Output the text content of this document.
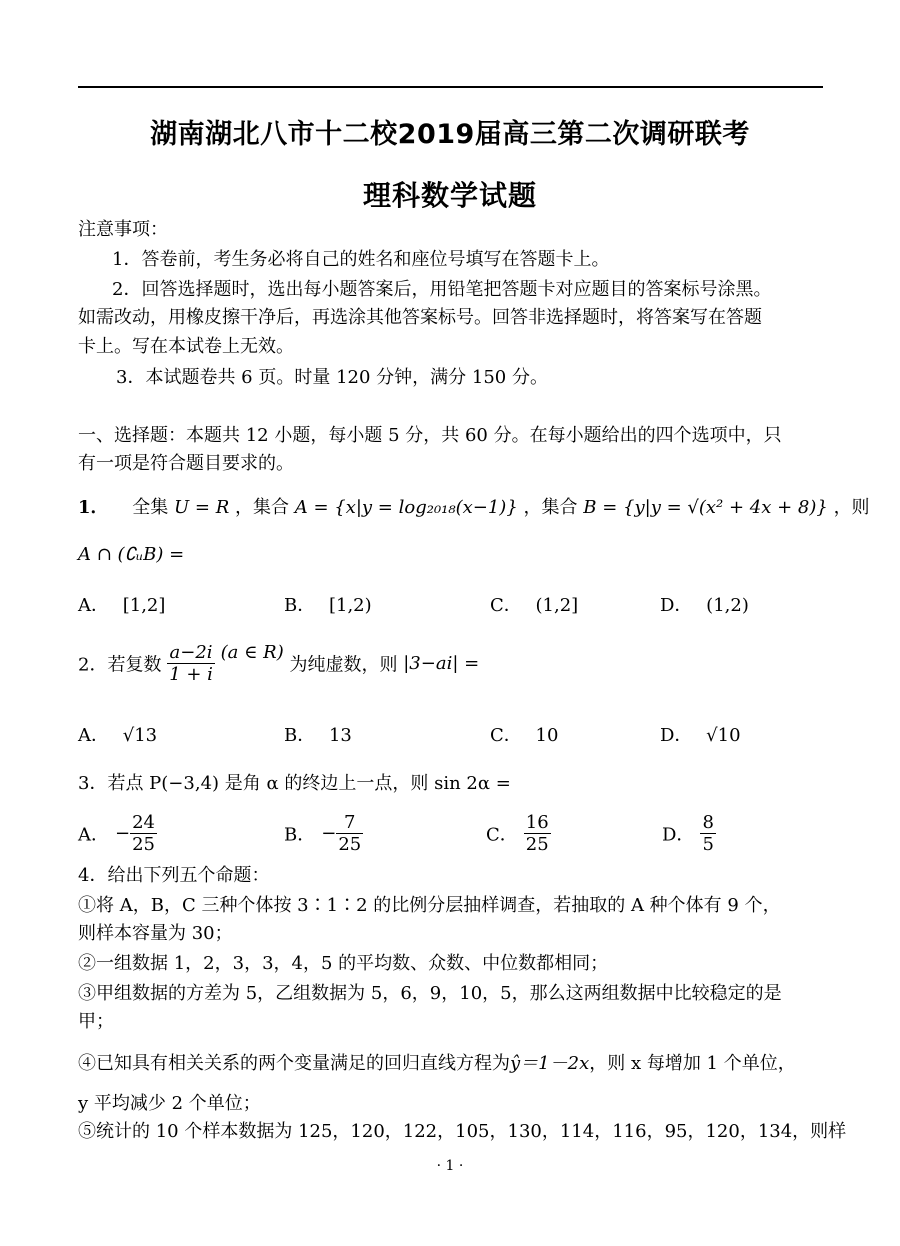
湖南湖北八市十二校2019届高三第二次调研联考
理科数学试题
注意事项：
1．答卷前，考生务必将自己的姓名和座位号填写在答题卡上。
2．回答选择题时，选出每小题答案后，用铅笔把答题卡对应题目的答案标号涂黑。
如需改动，用橡皮擦干净后，再选涂其他答案标号。回答非选择题时，将答案写在答题
卡上。写在本试卷上无效。
3．本试题卷共 6 页。时量 120 分钟，满分 150 分。
一、选择题：本题共 12 小题，每小题 5 分，共 60 分。在每小题给出的四个选项中，只
有一项是符合题目要求的。
1． 全集 U = R ，集合 A = {x|y = log₂₀₁₈(x−1)} ，集合 B = {y|y = √(x² + 4x + 8)} ，则
A ∩ (∁ᵤB) =
A． [1,2]	B． [1,2)	C． (1,2]	D． (1,2)
2．若复数 $\frac{a-2i}{1 + i} (a$ ∈ R) 为纯虚数，则 |3−ai| =
A． √13	B． 13	C． 10	D． √10
3．若点 P(−3,4) 是角 α 的终边上一点，则 sin 2α =
A． − $\frac{24}{25}$	B． − $\frac{7}{25}$	C． $\frac{16}{25}$	D． $\frac{8}{5}$
4．给出下列五个命题：
①将 A，B，C 三种个体按 3∶1∶2 的比例分层抽样调查，若抽取的 A 种个体有 9 个，
则样本容量为 30；
②一组数据 1，2，3，3，4，5 的平均数、众数、中位数都相同；
③甲组数据的方差为 5，乙组数据为 5，6，9，10，5，那么这两组数据中比较稳定的是
甲；
④已知具有相关关系的两个变量满足的回归直线方程为ŷ＝1－2x，则 x 每增加 1 个单位，
y 平均减少 2 个单位；
⑤统计的 10 个样本数据为 125，120，122，105，130，114，116，95，120，134，则样
· 1 ·
